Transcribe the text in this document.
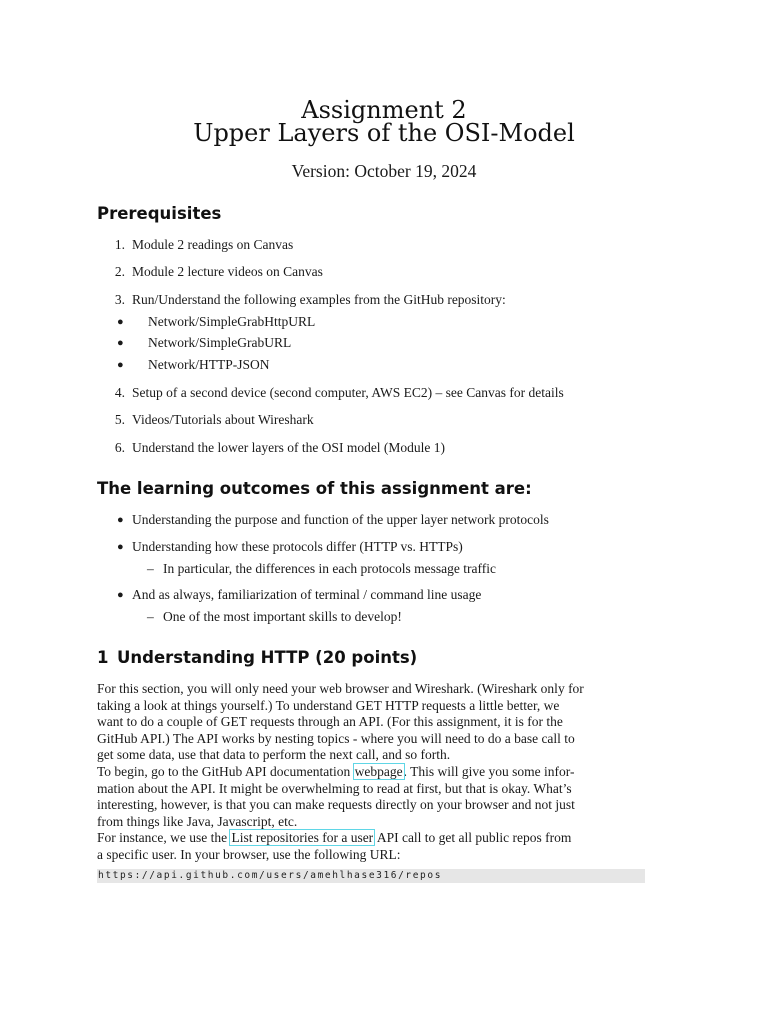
Assignment 2
Upper Layers of the OSI-Model
Version: October 19, 2024
Prerequisites
1. Module 2 readings on Canvas
2. Module 2 lecture videos on Canvas
3. Run/Understand the following examples from the GitHub repository:
● Network/SimpleGrabHttpURL
● Network/SimpleGrabURL
● Network/HTTP-JSON
4. Setup of a second device (second computer, AWS EC2) – see Canvas for details
5. Videos/Tutorials about Wireshark
6. Understand the lower layers of the OSI model (Module 1)
The learning outcomes of this assignment are:
● Understanding the purpose and function of the upper layer network protocols
● Understanding how these protocols differ (HTTP vs. HTTPs)
– In particular, the differences in each protocols message traffic
● And as always, familiarization of terminal / command line usage
– One of the most important skills to develop!
1 Understanding HTTP (20 points)
For this section, you will only need your web browser and Wireshark. (Wireshark only for
taking a look at things yourself.) To understand GET HTTP requests a little better, we
want to do a couple of GET requests through an API. (For this assignment, it is for the
GitHub API.) The API works by nesting topics - where you will need to do a base call to
get some data, use that data to perform the next call, and so forth.
To begin, go to the GitHub API documentation webpage. This will give you some infor-
mation about the API. It might be overwhelming to read at first, but that is okay. What’s
interesting, however, is that you can make requests directly on your browser and not just
from things like Java, Javascript, etc.
For instance, we use the List repositories for a user API call to get all public repos from
a specific user. In your browser, use the following URL:
https://api.github.com/users/amehlhase316/repos
